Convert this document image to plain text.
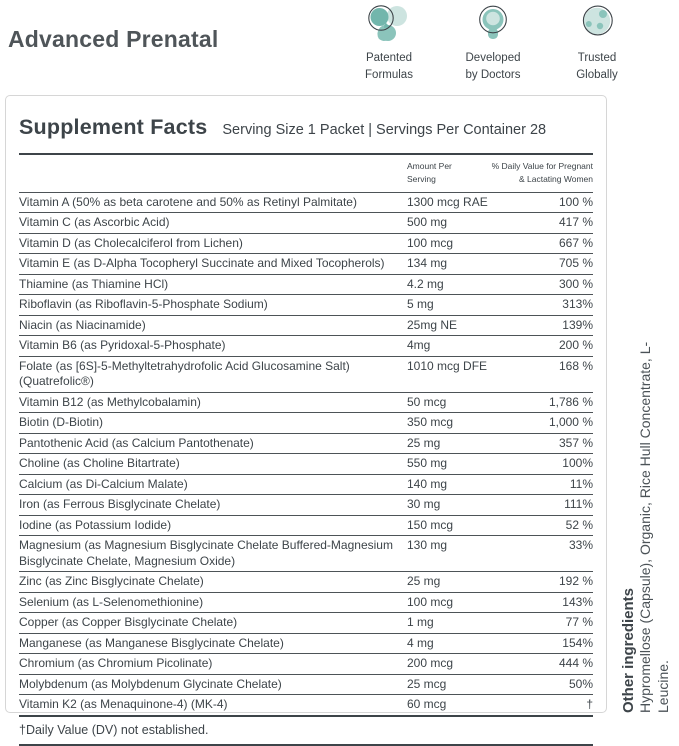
Advanced Prenatal
Patented
Formulas
Developed
by Doctors
Trusted
Globally
Supplement Facts Serving Size 1 Packet | Servings Per Container 28
Amount Per
Serving
% Daily Value for Pregnant
& Lactating Women
Vitamin A (50% as beta carotene and 50% as Retinyl Palmitate)	1300 mcg RAE	100 %
Vitamin C (as Ascorbic Acid)	500 mg	417 %
Vitamin D (as Cholecalciferol from Lichen)	100 mcg	667 %
Vitamin E (as D-Alpha Tocopheryl Succinate and Mixed Tocopherols)	134 mg	705 %
Thiamine (as Thiamine HCl)	4.2 mg	300 %
Riboflavin (as Riboflavin-5-Phosphate Sodium)	5 mg	313%
Niacin (as Niacinamide)	25mg NE	139%
Vitamin B6 (as Pyridoxal-5-Phosphate)	4mg	200 %
Folate (as [6S]-5-Methyltetrahydrofolic Acid Glucosamine Salt) (Quatrefolic®)
1010 mcg DFE	168 %
Vitamin B12 (as Methylcobalamin)	50 mcg	1,786 %
Biotin (D-Biotin)	350 mcg	1,000 %
Pantothenic Acid (as Calcium Pantothenate)	25 mg	357 %
Choline (as Choline Bitartrate)	550 mg	100%
Calcium (as Di-Calcium Malate)	140 mg	11%
Iron (as Ferrous Bisglycinate Chelate)	30 mg	111%
Iodine (as Potassium Iodide)	150 mcg	52 %
Magnesium (as Magnesium Bisglycinate Chelate Buffered-Magnesium Bisglycinate Chelate, Magnesium Oxide)
130 mg	33%
Zinc (as Zinc Bisglycinate Chelate)	25 mg	192 %
Selenium (as L-Selenomethionine)	100 mcg	143%
Copper (as Copper Bisglycinate Chelate)	1 mg	77 %
Manganese (as Manganese Bisglycinate Chelate)	4 mg	154%
Chromium (as Chromium Picolinate)	200 mcg	444 %
Molybdenum (as Molybdenum Glycinate Chelate)	25 mcg	50%
Vitamin K2 (as Menaquinone-4) (MK-4)	60 mcg	†
†Daily Value (DV) not established.
Other ingredients Hypromellose (Capsule), Organic, Rice Hull Concentrate, L-Leucine.
